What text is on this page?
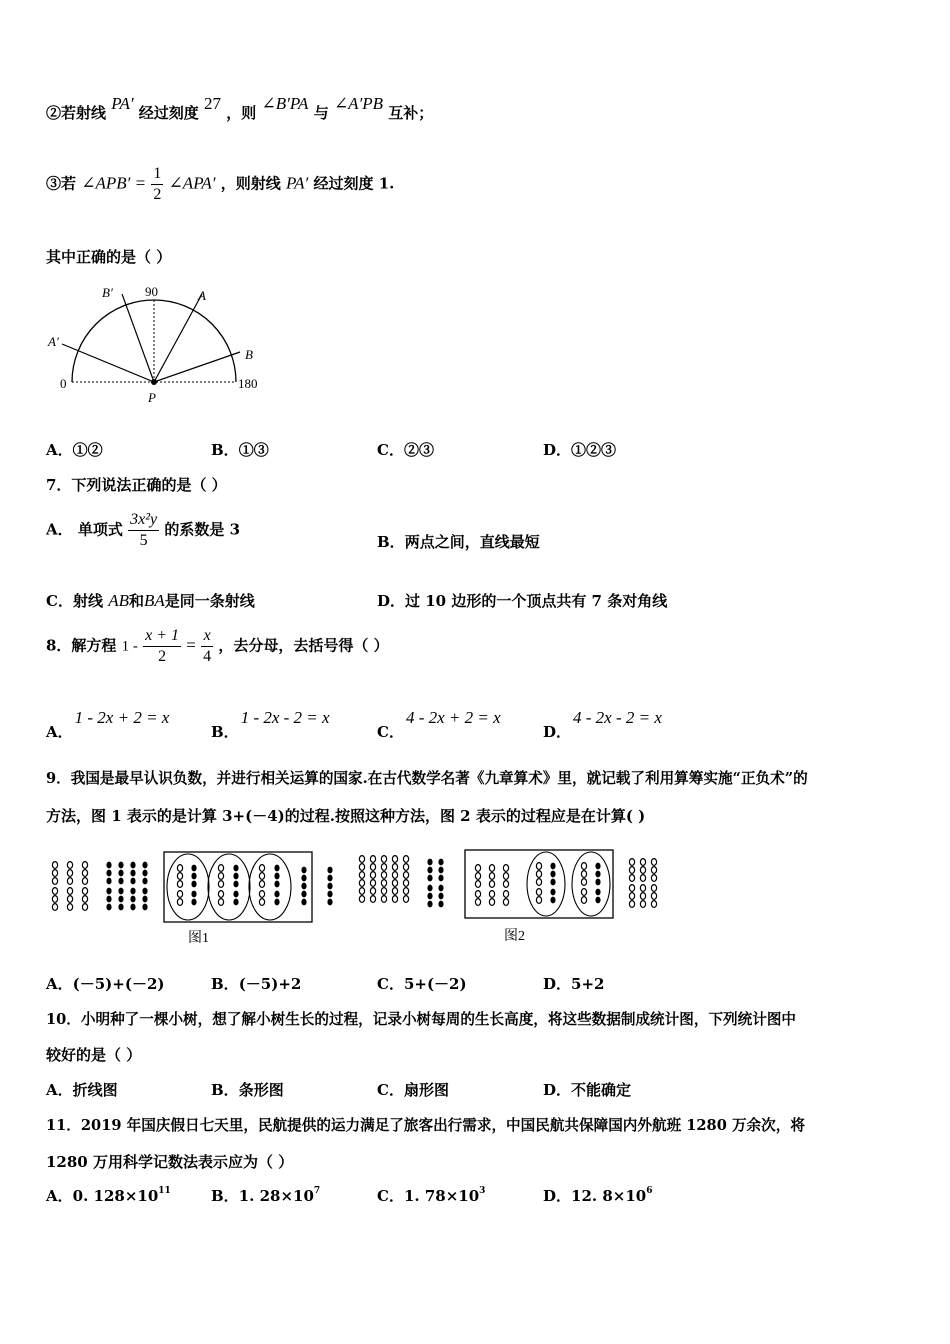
②若射线 PA′ 经过刻度 27 ，则 ∠B′PA 与 ∠A′PB 互补；
③若 ∠APB′ = $\frac{1}{2}$ ∠APA′ ，则射线 PA′ 经过刻度 1.
其中正确的是（ ）
90	A
B′
A′
B
0	180
P
A．①②	B．①③	C．②③	D．①②③
7．下列说法正确的是（ ）
A． 单项式 $\frac{\text{3x²y}}{5}$ 的系数是 3
B．两点之间，直线最短
C．射线 AB和BA是同一条射线	D．过 10 边形的一个顶点共有 7 条对角线
8．解方程 $1 - \frac{x + 1}{2} = \frac{x}{4}$ ，去分母，去括号得（ ）
A．1 - 2x + 2 = x
B．1 - 2x - 2 = x
C．4 - 2x + 2 = x
D．4 - 2x - 2 = x
9．我国是最早认识负数，并进行相关运算的国家.在古代数学名著《九章算术》里，就记载了利用算筹实施“正负术”的
方法，图 1 表示的是计算 3+(－4)的过程.按照这种方法，图 2 表示的过程应是在计算( )
图1	图2
A．(－5)+(－2)	B．(－5)+2	C．5+(－2)	D．5+2
10．小明种了一棵小树，想了解小树生长的过程，记录小树每周的生长高度，将这些数据制成统计图，下列统计图中
较好的是（ ）
A．折线图	B．条形图	C．扇形图	D．不能确定
11．2019 年国庆假日七天里，民航提供的运力满足了旅客出行需求，中国民航共保障国内外航班 1280 万余次，将
1280 万用科学记数法表示应为（ ）
A．0. $128\times 10^{11}$	B．1. $28\times 10^7$	C．1. $78\times 10^3$	D．12. $8\times 10^6$
